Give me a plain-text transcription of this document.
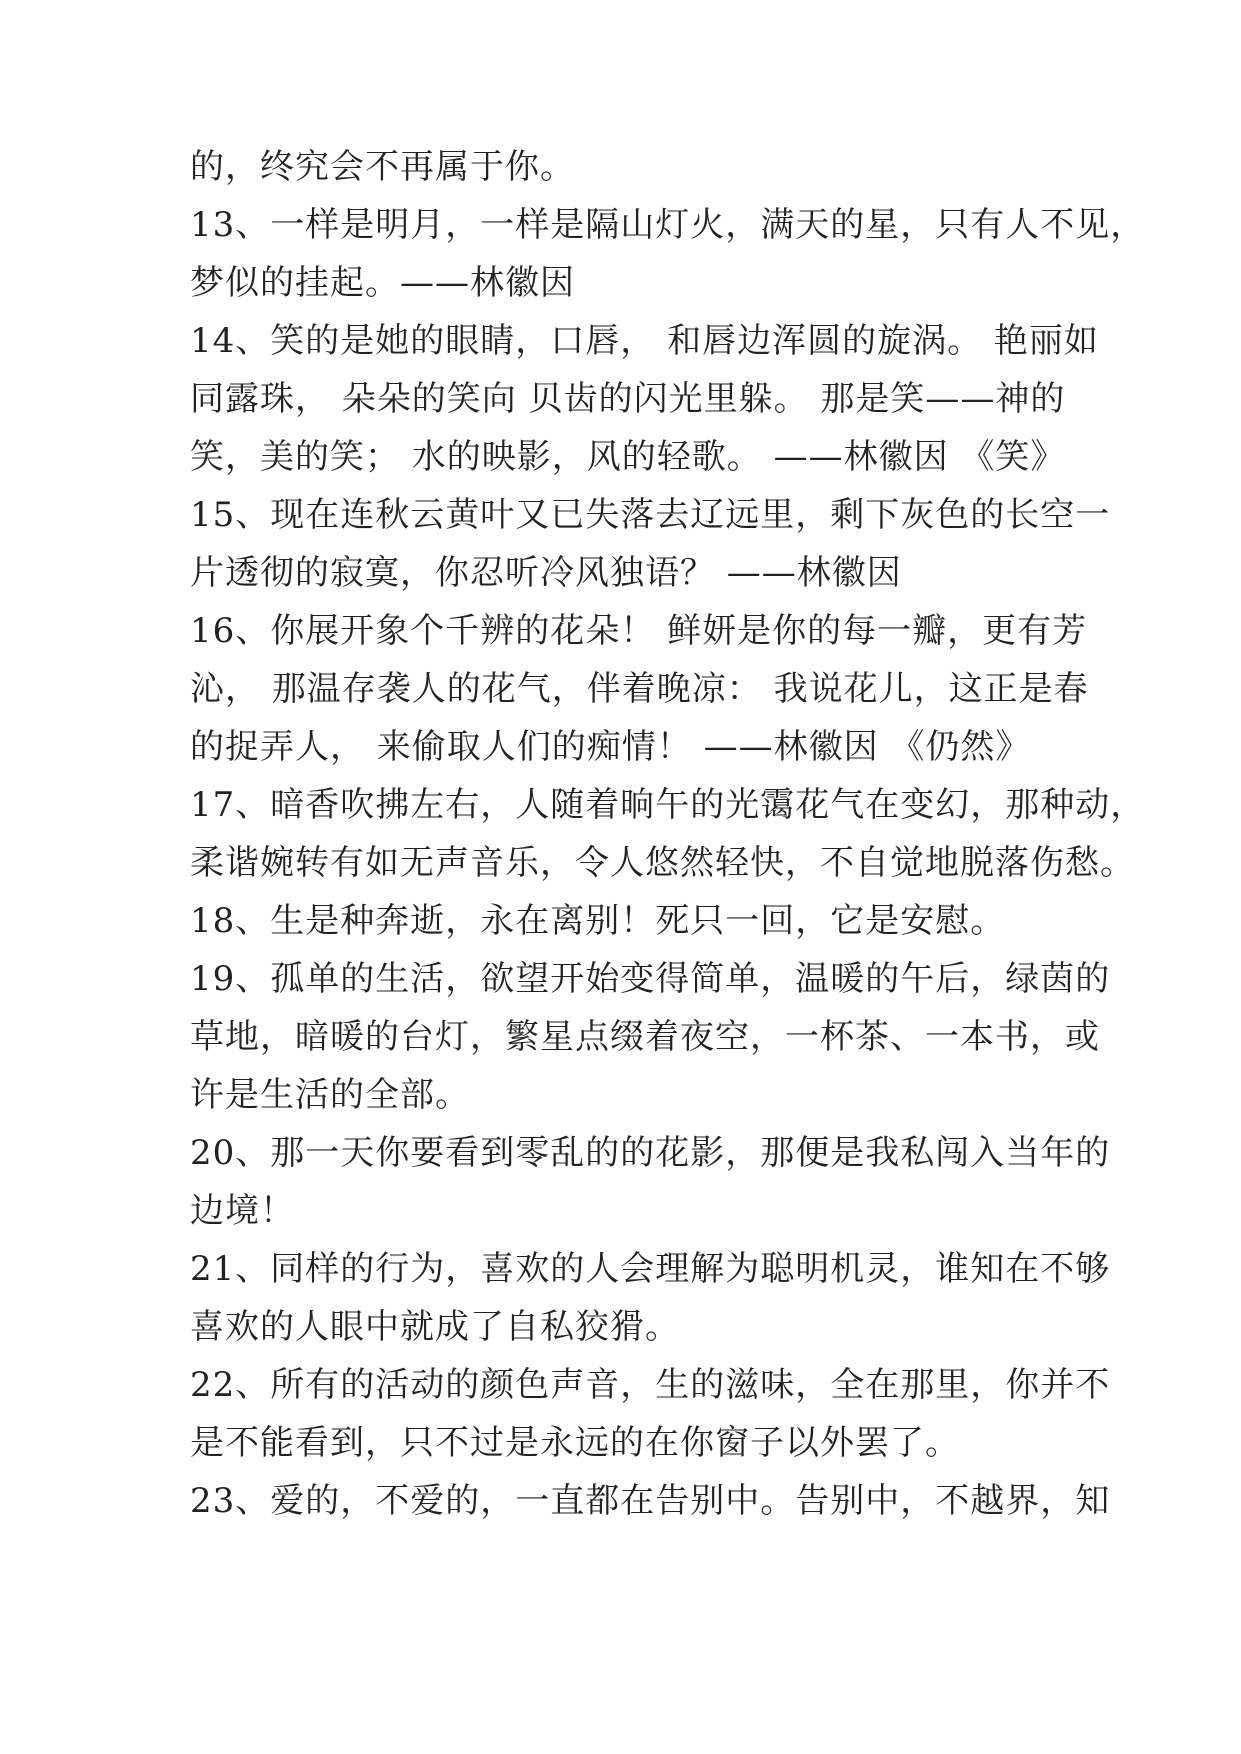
的，终究会不再属于你。
13、一样是明月，一样是隔山灯火，满天的星，只有人不见，
梦似的挂起。——林徽因
14、笑的是她的眼睛，口唇， 和唇边浑圆的旋涡。 艳丽如
同露珠， 朵朵的笑向 贝齿的闪光里躲。 那是笑——神的
笑，美的笑； 水的映影，风的轻歌。 ——林徽因 《笑》
15、现在连秋云黄叶又已失落去辽远里，剩下灰色的长空一
片透彻的寂寞，你忍听冷风独语？ ——林徽因
16、你展开象个千辨的花朵！ 鲜妍是你的每一瓣，更有芳
沁， 那温存袭人的花气，伴着晚凉： 我说花儿，这正是春
的捉弄人， 来偷取人们的痴情！ ——林徽因 《仍然》
17、暗香吹拂左右，人随着晌午的光霭花气在变幻，那种动，
柔谐婉转有如无声音乐，令人悠然轻快，不自觉地脱落伤愁。
18、生是种奔逝，永在离别！死只一回，它是安慰。
19、孤单的生活，欲望开始变得简单，温暖的午后，绿茵的
草地，暗暖的台灯，繁星点缀着夜空，一杯茶、一本书，或
许是生活的全部。
20、那一天你要看到零乱的的花影，那便是我私闯入当年的
边境！
21、同样的行为，喜欢的人会理解为聪明机灵，谁知在不够
喜欢的人眼中就成了自私狡猾。
22、所有的活动的颜色声音，生的滋味，全在那里，你并不
是不能看到，只不过是永远的在你窗子以外罢了。
23、爱的，不爱的，一直都在告别中。告别中，不越界，知
